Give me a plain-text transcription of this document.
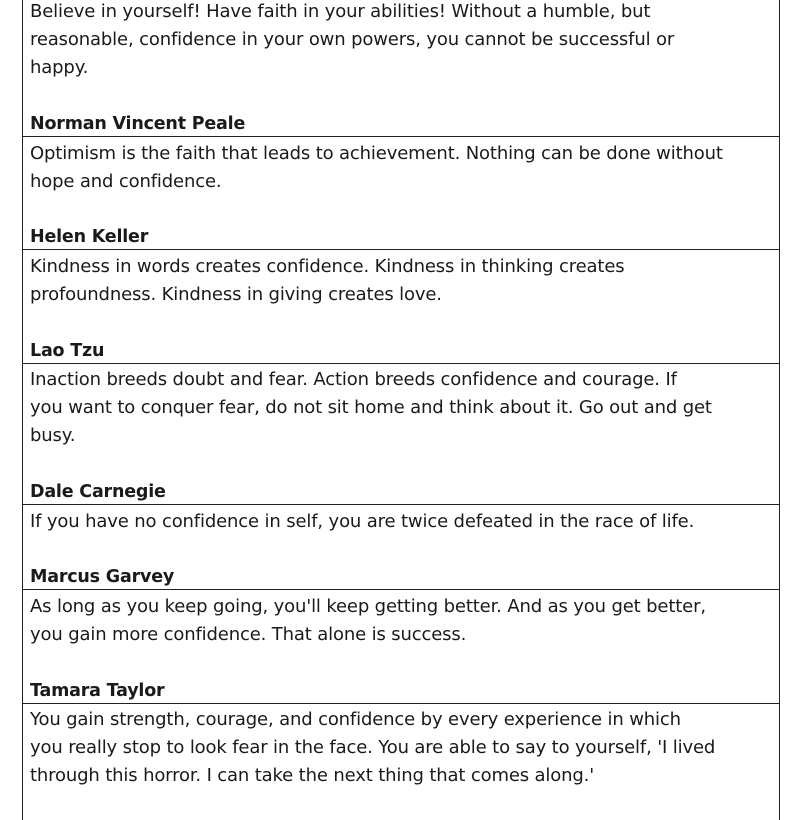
Believe in yourself! Have faith in your abilities! Without a humble, but
reasonable, confidence in your own powers, you cannot be successful or
happy.

Norman Vincent Peale

Optimism is the faith that leads to achievement. Nothing can be done without
hope and confidence.

Helen Keller

Kindness in words creates confidence. Kindness in thinking creates
profoundness. Kindness in giving creates love.

Lao Tzu

Inaction breeds doubt and fear. Action breeds confidence and courage. If
you want to conquer fear, do not sit home and think about it. Go out and get
busy.

Dale Carnegie

If you have no confidence in self, you are twice defeated in the race of life.

Marcus Garvey

As long as you keep going, you'll keep getting better. And as you get better,
you gain more confidence. That alone is success.

Tamara Taylor

You gain strength, courage, and confidence by every experience in which
you really stop to look fear in the face. You are able to say to yourself, 'I lived
through this horror. I can take the next thing that comes along.'
